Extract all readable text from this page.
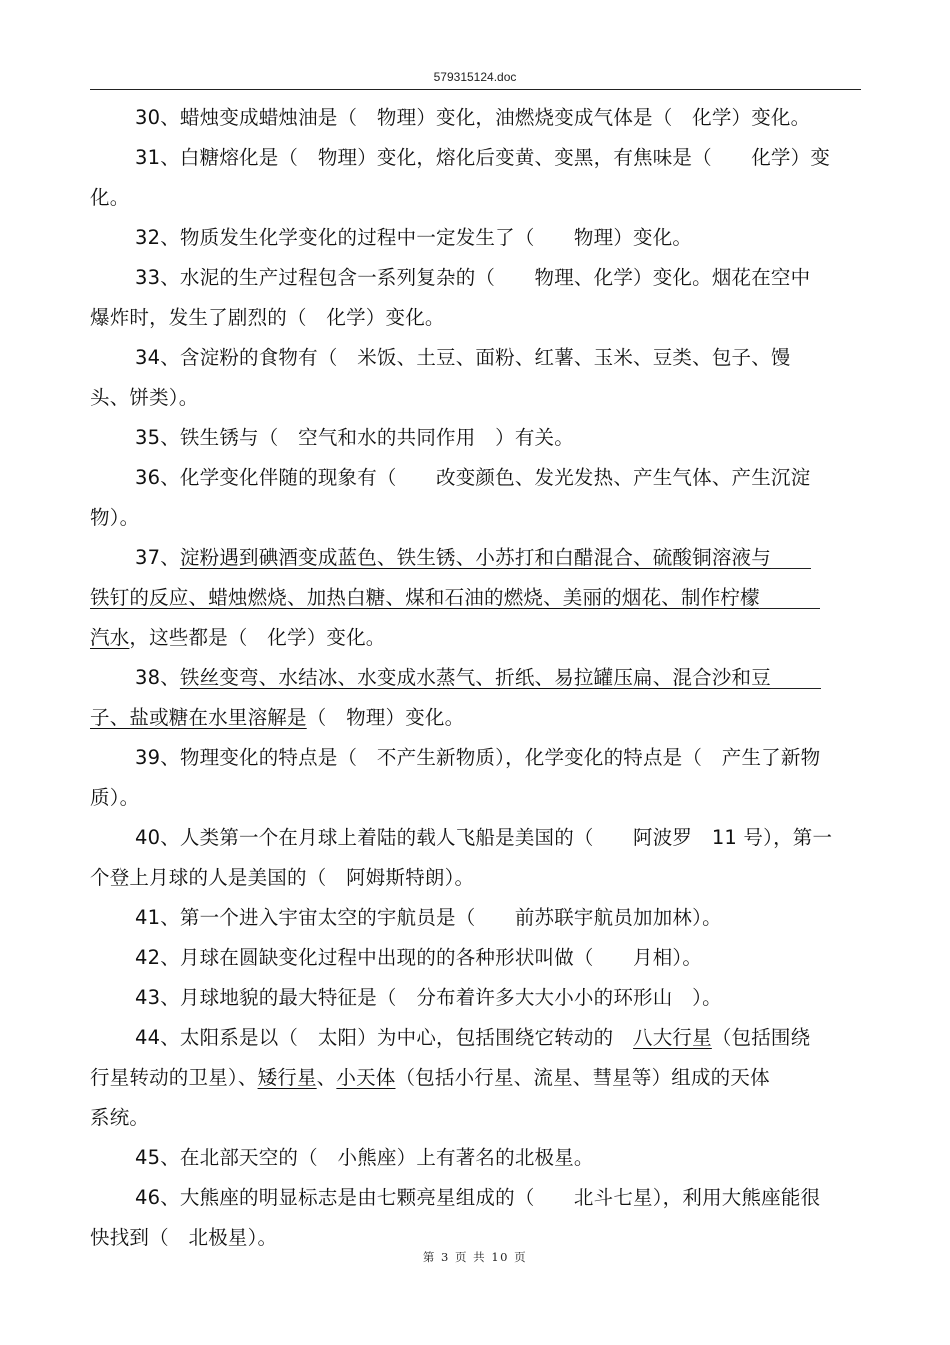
579315124.doc
30、蜡烛变成蜡烛油是（　物理）变化，油燃烧变成气体是（　化学）变化。
31、白糖熔化是（　物理）变化，熔化后变黄、变黑，有焦味是（　　化学）变
化。
32、物质发生化学变化的过程中一定发生了（　　物理）变化。
33、水泥的生产过程包含一系列复杂的（　　物理、化学）变化。烟花在空中
爆炸时，发生了剧烈的（　化学）变化。
34、含淀粉的食物有（　米饭、土豆、面粉、红薯、玉米、豆类、包子、馒
头、饼类）。
35、铁生锈与（　空气和水的共同作用　）有关。
36、化学变化伴随的现象有（　　改变颜色、发光发热、产生气体、产生沉淀
物）。
37、淀粉遇到碘酒变成蓝色、铁生锈、小苏打和白醋混合、硫酸铜溶液与
铁钉的反应、蜡烛燃烧、加热白糖、煤和石油的燃烧、美丽的烟花、制作柠檬
汽水，这些都是（　化学）变化。
38、铁丝变弯、水结冰、水变成水蒸气、折纸、易拉罐压扁、混合沙和豆
子、盐或糖在水里溶解是（　物理）变化。
39、物理变化的特点是（　不产生新物质），化学变化的特点是（　产生了新物
质）。
40、人类第一个在月球上着陆的载人飞船是美国的（　　阿波罗　11 号），第一
个登上月球的人是美国的（　阿姆斯特朗）。
41、第一个进入宇宙太空的宇航员是（　　前苏联宇航员加加林）。
42、月球在圆缺变化过程中出现的的各种形状叫做（　　月相）。
43、月球地貌的最大特征是（　分布着许多大大小小的环形山　）。
44、太阳系是以（　太阳）为中心，包括围绕它转动的　八大行星（包括围绕
行星转动的卫星）、矮行星、小天体（包括小行星、流星、彗星等）组成的天体
系统。
45、在北部天空的（　小熊座）上有著名的北极星。
46、大熊座的明显标志是由七颗亮星组成的（　　北斗七星），利用大熊座能很
快找到（　北极星）。
第 3 页 共 10 页
